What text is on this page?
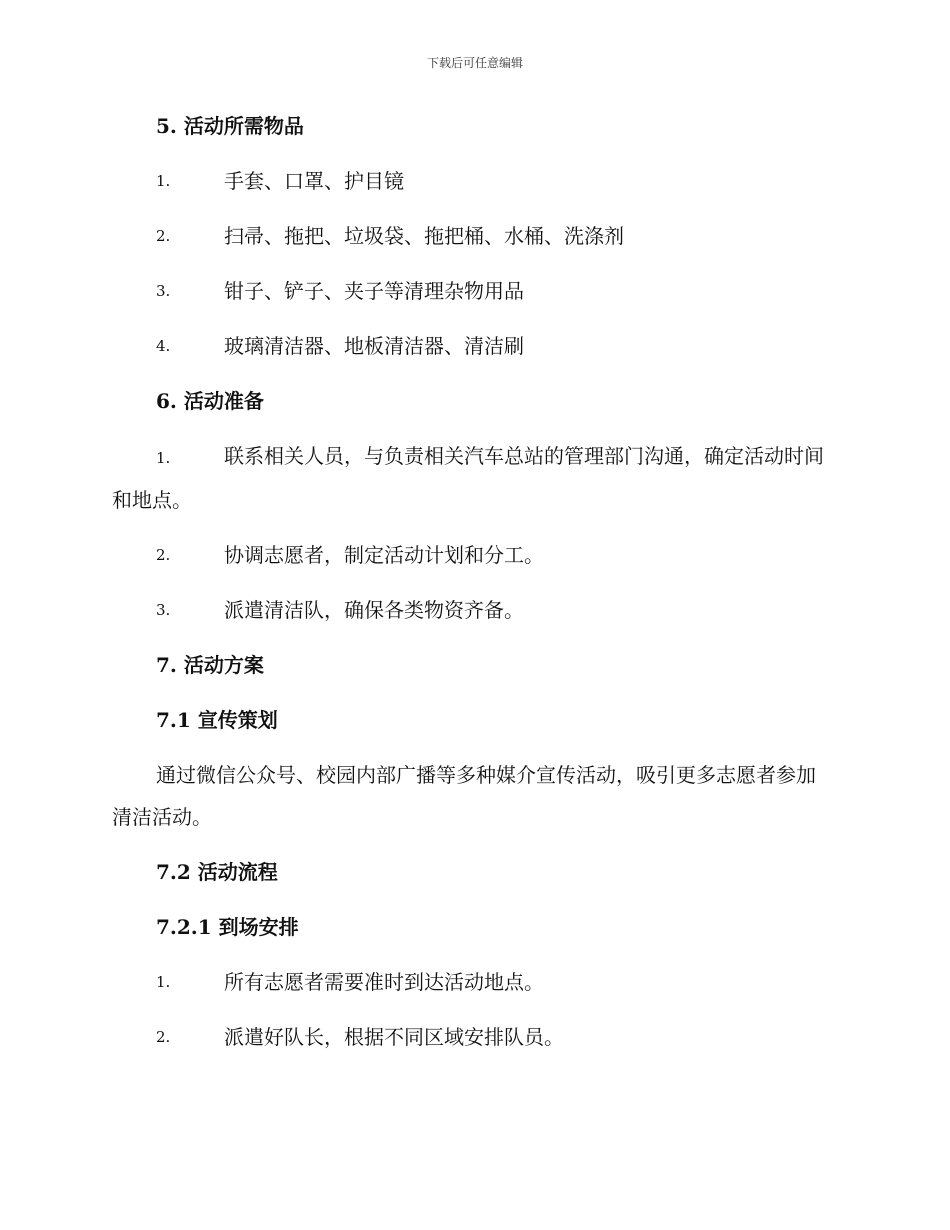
下载后可任意编辑
5. 活动所需物品
1.	手套、口罩、护目镜
2.	扫帚、拖把、垃圾袋、拖把桶、水桶、洗涤剂
3.	钳子、铲子、夹子等清理杂物用品
4.	玻璃清洁器、地板清洁器、清洁刷
6. 活动准备
1.	联系相关人员，与负责相关汽车总站的管理部门沟通，确定活动时间和地点。
2.	协调志愿者，制定活动计划和分工。
3.	派遣清洁队，确保各类物资齐备。
7. 活动方案
7.1 宣传策划
通过微信公众号、校园内部广播等多种媒介宣传活动，吸引更多志愿者参加清洁活动。
7.2 活动流程
7.2.1 到场安排
1.	所有志愿者需要准时到达活动地点。
2.	派遣好队长，根据不同区域安排队员。
